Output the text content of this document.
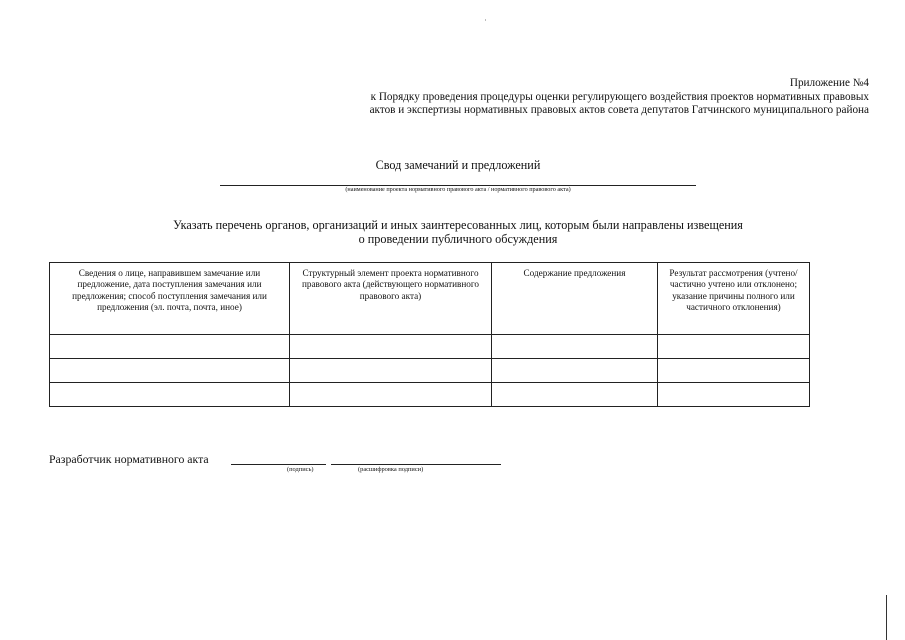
Приложение №4
к Порядку проведения процедуры оценки регулирующего воздействия проектов нормативных правовых
актов и экспертизы нормативных правовых актов совета депутатов Гатчинского муниципального района
Свод замечаний и предложений
(наименование проекта нормативного правового акта / нормативного правового акта)
Указать перечень органов, организаций и иных заинтересованных лиц, которым были направлены извещения
о проведении публичного обсуждения
Сведения о лице, направившем замечание или предложение, дата поступления замечания или предложения; способ поступления замечания или предложения (эл. почта, почта, иное)	Структурный элемент проекта нормативного правового акта (действующего нормативного правового акта)	Содержание предложения	Результат рассмотрения (учтено/частично учтено или отклонено; указание причины полного или частичного отклонения)

Разработчик нормативного акта
(подпись)	(расшифровка подписи)
